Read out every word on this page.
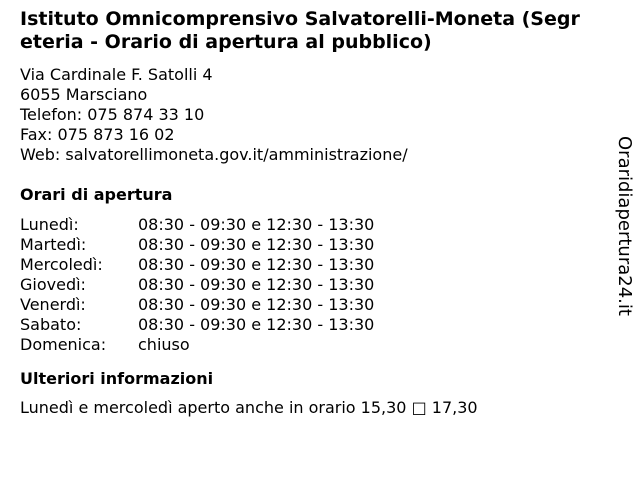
Istituto Omnicomprensivo Salvatorelli-Moneta (Segreteria - Orario di apertura al pubblico)
Via Cardinale F. Satolli 4
6055 Marsciano
Telefon: 075 874 33 10
Fax: 075 873 16 02
Web: salvatorellimoneta.gov.it/amministrazione/
Orari di apertura
Lunedì:	08:30 - 09:30 e 12:30 - 13:30
Martedì:	08:30 - 09:30 e 12:30 - 13:30
Mercoledì:	08:30 - 09:30 e 12:30 - 13:30
Giovedì:	08:30 - 09:30 e 12:30 - 13:30
Venerdì:	08:30 - 09:30 e 12:30 - 13:30
Sabato:	08:30 - 09:30 e 12:30 - 13:30
Domenica:	chiuso
Ulteriori informazioni
Lunedì e mercoledì aperto anche in orario 15,30 □ 17,30
Oraridiapertura24.it
